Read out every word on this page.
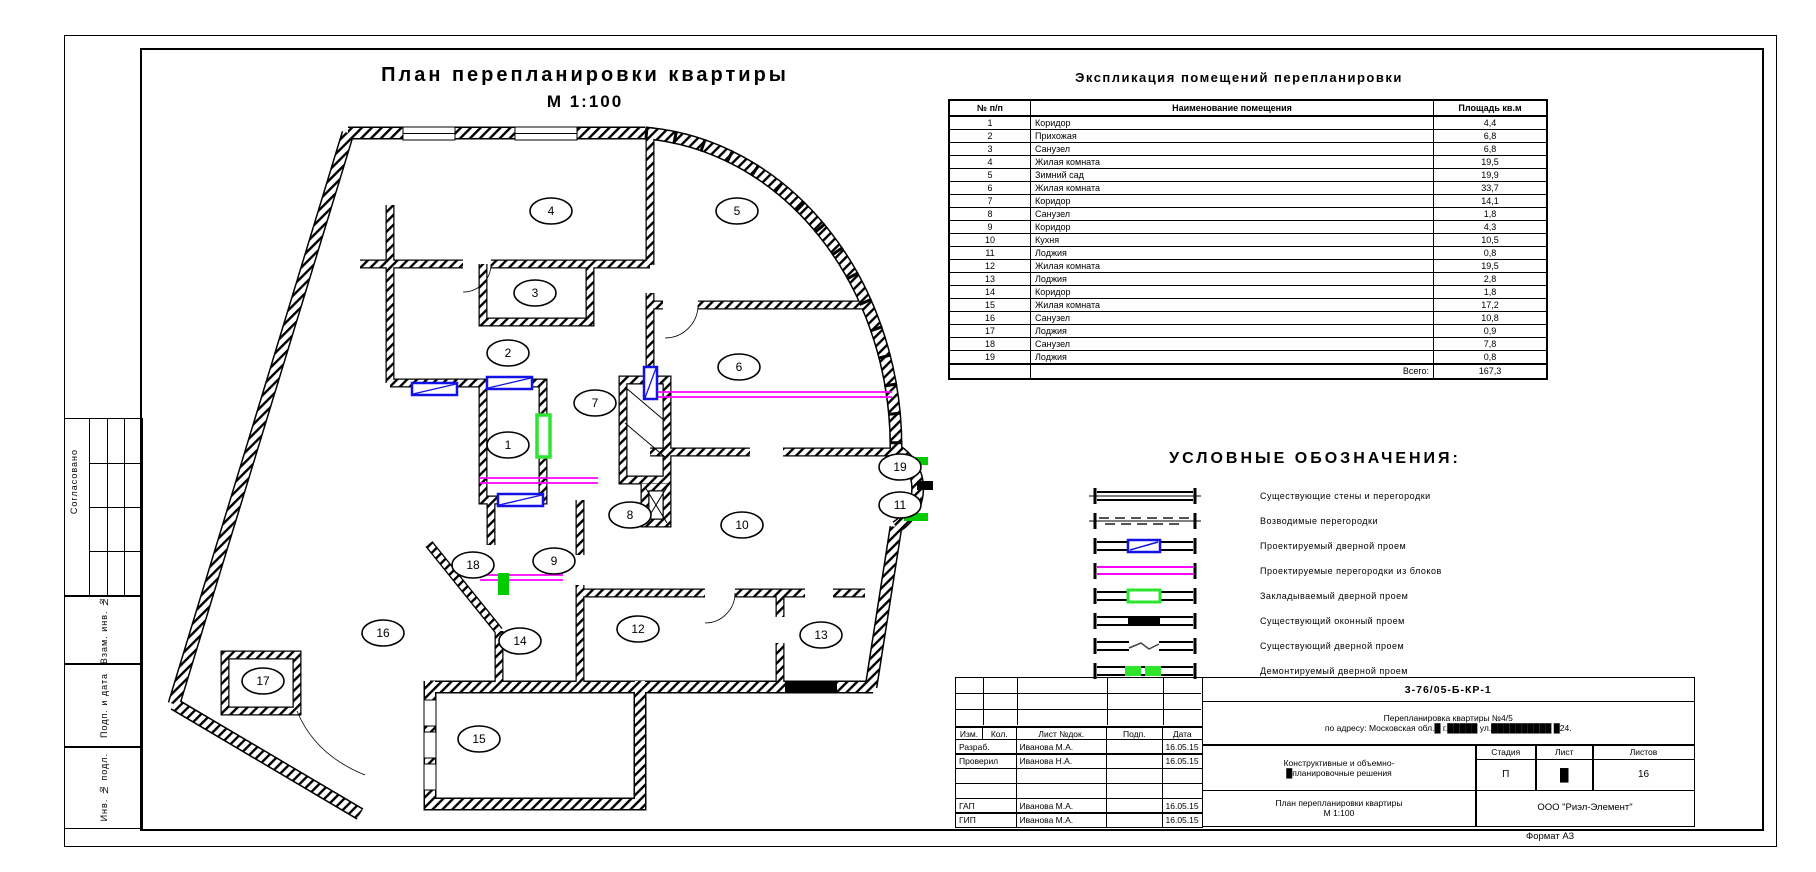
Согласовано
Взам. инв. №
Подп. и дата
Инв. № подл.
План перепланировки квартиры
М 1:100
1
2
3
4	5
6
7
8
9
10
11
12	13
14
15
16
17
18
19
Экспликация помещений перепланировки
№ п/п	Наименование помещения	Площадь кв.м
1	Коридор	4,4
2	Прихожая	6,8
3	Санузел	6,8
4	Жилая комната	19,5
5	Зимний сад	19,9
6	Жилая комната	33,7
7	Коридор	14,1
8	Санузел	1,8
9	Коридор	4,3
10	Кухня	10,5
11	Лоджия	0,8
12	Жилая комната	19,5
13	Лоджия	2,8
14	Коридор	1,8
15	Жилая комната	17,2
16	Санузел	10,8
17	Лоджия	0,9
18	Санузел	7,8
19	Лоджия	0,8
	Всего:	167,3
УСЛОВНЫЕ ОБОЗНАЧЕНИЯ:
Существующие стены и перегородки
Возводимые перегородки
Проектируемый дверной проем
Проектируемые перегородки из блоков
Закладываемый дверной проем
Существующий оконный проем
Существующий дверной проем
Демонтируемый дверной проем
Изм. Кол.	Лист №док.	Подп.	Дата
Разраб.	Иванова М.А.	16.05.15
Проверил	Иванова Н.А.	16.05.15
ГАП	Иванова М.А.	16.05.15
ГИП	Иванова М.А.	16.05.15
3-76/05-Б-КР-1
Перепланировка квартиры №4/5
по адресу: Московская обл.█ г.█████ ул.██████████ █24.
Конструктивные и объемно-
█планировочные решения
Стадия	Лист	Листов
П	█	16
План перепланировки квартиры
М 1:100	ООО "Риэл-Элемент"
Формат А3
